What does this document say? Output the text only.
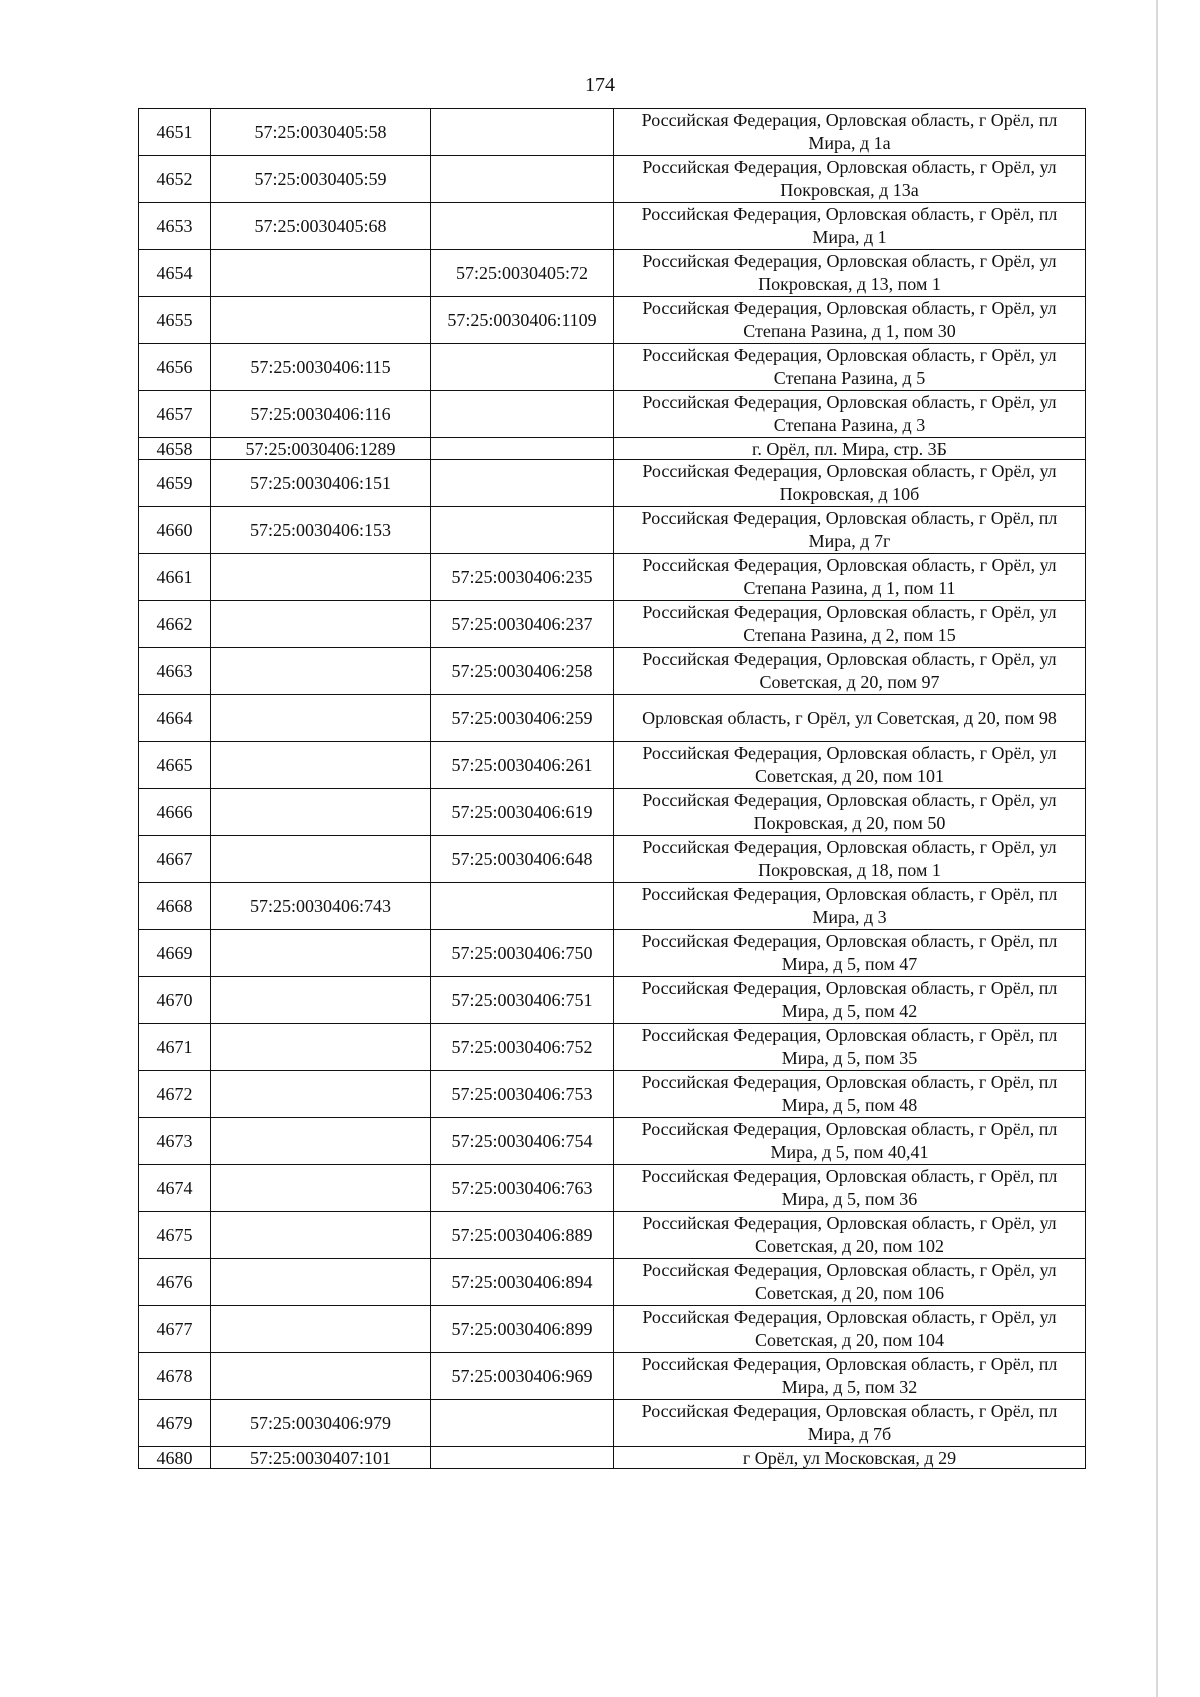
174
4651	57:25:0030405:58		Российская Федерация, Орловская область, г Орёл, пл Мира, д 1а
4652	57:25:0030405:59		Российская Федерация, Орловская область, г Орёл, ул Покровская, д 13а
4653	57:25:0030405:68		Российская Федерация, Орловская область, г Орёл, пл Мира, д 1
4654		57:25:0030405:72	Российская Федерация, Орловская область, г Орёл, ул Покровская, д 13, пом 1
4655		57:25:0030406:1109	Российская Федерация, Орловская область, г Орёл, ул Степана Разина, д 1, пом 30
4656	57:25:0030406:115		Российская Федерация, Орловская область, г Орёл, ул Степана Разина, д 5
4657	57:25:0030406:116		Российская Федерация, Орловская область, г Орёл, ул Степана Разина, д 3
4658	57:25:0030406:1289		г. Орёл, пл. Мира, стр. 3Б
4659	57:25:0030406:151		Российская Федерация, Орловская область, г Орёл, ул Покровская, д 10б
4660	57:25:0030406:153		Российская Федерация, Орловская область, г Орёл, пл Мира, д 7г
4661		57:25:0030406:235	Российская Федерация, Орловская область, г Орёл, ул Степана Разина, д 1, пом 11
4662		57:25:0030406:237	Российская Федерация, Орловская область, г Орёл, ул Степана Разина, д 2, пом 15
4663		57:25:0030406:258	Российская Федерация, Орловская область, г Орёл, ул Советская, д 20, пом 97
4664		57:25:0030406:259	Орловская область, г Орёл, ул Советская, д 20, пом 98
4665		57:25:0030406:261	Российская Федерация, Орловская область, г Орёл, ул Советская, д 20, пом 101
4666		57:25:0030406:619	Российская Федерация, Орловская область, г Орёл, ул Покровская, д 20, пом 50
4667		57:25:0030406:648	Российская Федерация, Орловская область, г Орёл, ул Покровская, д 18, пом 1
4668	57:25:0030406:743		Российская Федерация, Орловская область, г Орёл, пл Мира, д 3
4669		57:25:0030406:750	Российская Федерация, Орловская область, г Орёл, пл Мира, д 5, пом 47
4670		57:25:0030406:751	Российская Федерация, Орловская область, г Орёл, пл Мира, д 5, пом 42
4671		57:25:0030406:752	Российская Федерация, Орловская область, г Орёл, пл Мира, д 5, пом 35
4672		57:25:0030406:753	Российская Федерация, Орловская область, г Орёл, пл Мира, д 5, пом 48
4673		57:25:0030406:754	Российская Федерация, Орловская область, г Орёл, пл Мира, д 5, пом 40,41
4674		57:25:0030406:763	Российская Федерация, Орловская область, г Орёл, пл Мира, д 5, пом 36
4675		57:25:0030406:889	Российская Федерация, Орловская область, г Орёл, ул Советская, д 20, пом 102
4676		57:25:0030406:894	Российская Федерация, Орловская область, г Орёл, ул Советская, д 20, пом 106
4677		57:25:0030406:899	Российская Федерация, Орловская область, г Орёл, ул Советская, д 20, пом 104
4678		57:25:0030406:969	Российская Федерация, Орловская область, г Орёл, пл Мира, д 5, пом 32
4679	57:25:0030406:979		Российская Федерация, Орловская область, г Орёл, пл Мира, д 7б
4680	57:25:0030407:101		г Орёл, ул Московская, д 29
